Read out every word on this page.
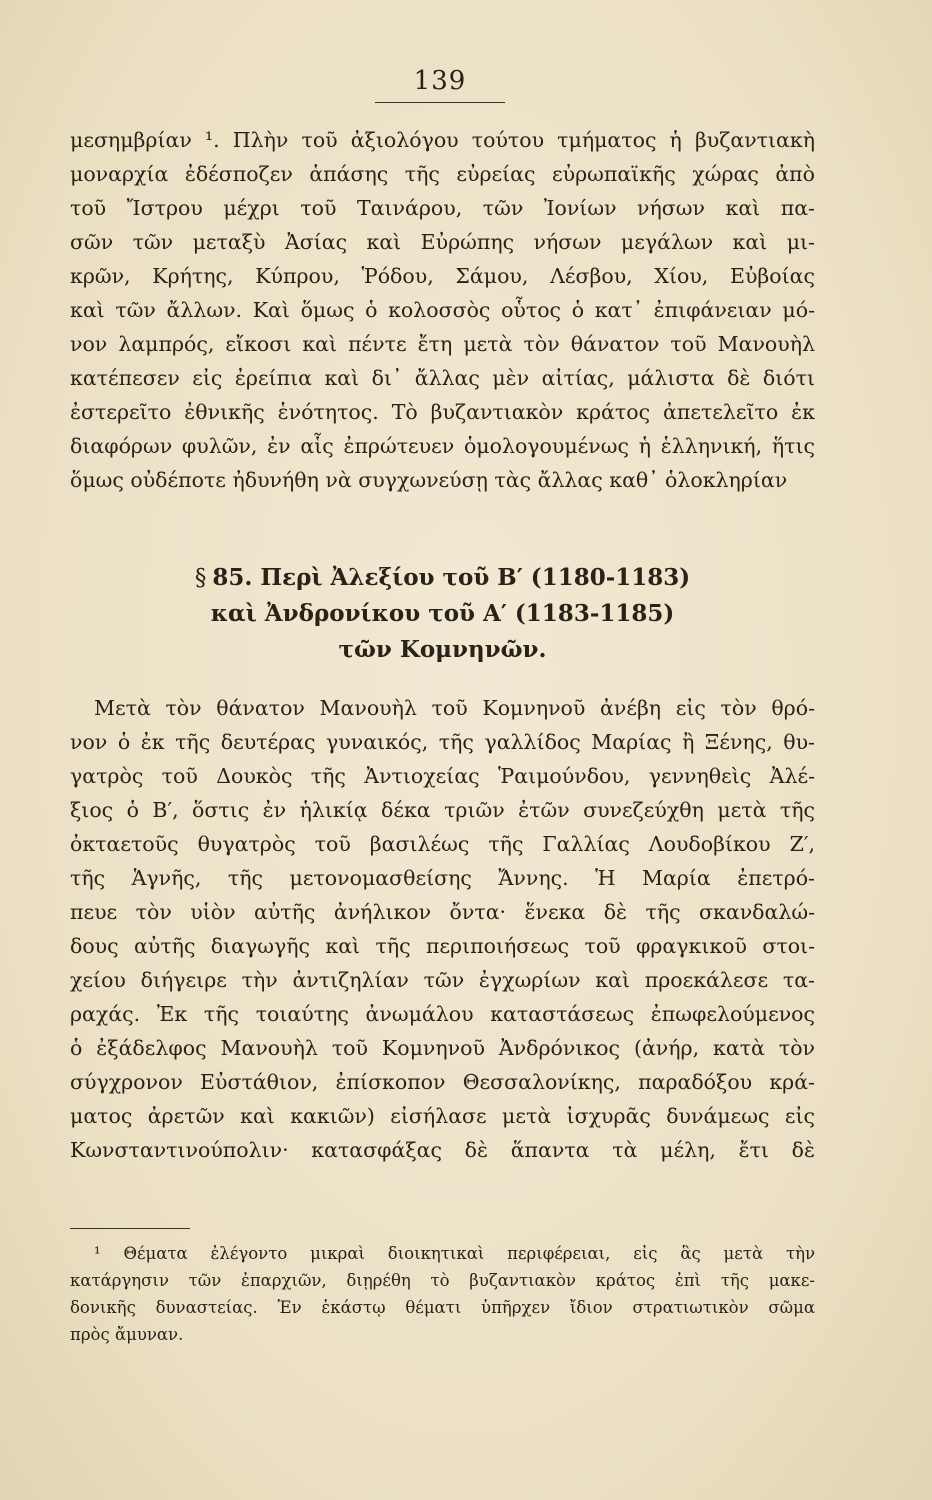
139
μεσημβρίαν ¹. Πλὴν τοῦ ἀξιολόγου τούτου τμήματος ἡ βυζαντιακὴ
μοναρχία ἐδέσποζεν ἁπάσης τῆς εὐρείας εὐρωπαϊκῆς χώρας ἀπὸ
τοῦ Ἴστρου μέχρι τοῦ Ταινάρου, τῶν Ἰονίων νήσων καὶ πα-
σῶν τῶν μεταξὺ Ἀσίας καὶ Εὐρώπης νήσων μεγάλων καὶ μι-
κρῶν, Κρήτης, Κύπρου, Ῥόδου, Σάμου, Λέσβου, Χίου, Εὐβοίας
καὶ τῶν ἄλλων. Καὶ ὅμως ὁ κολοσσὸς οὗτος ὁ κατ᾽ ἐπιφάνειαν μό-
νον λαμπρός, εἴκοσι καὶ πέντε ἔτη μετὰ τὸν θάνατον τοῦ Μανουὴλ
κατέπεσεν εἰς ἐρείπια καὶ δι᾽ ἄλλας μὲν αἰτίας, μάλιστα δὲ διότι
ἐστερεῖτο ἐθνικῆς ἑνότητος. Τὸ βυζαντιακὸν κράτος ἀπετελεῖτο ἐκ
διαφόρων φυλῶν, ἐν αἷς ἐπρώτευεν ὁμολογουμένως ἡ ἑλληνική, ἥτις
ὅμως οὐδέποτε ἠδυνήθη νὰ συγχωνεύσῃ τὰς ἄλλας καθ᾽ ὁλοκληρίαν
§ 85. Περὶ Ἀλεξίου τοῦ Β′ (1180-1183)
καὶ Ἀνδρονίκου τοῦ Α′ (1183-1185)
τῶν Κομνηνῶν.
Μετὰ τὸν θάνατον Μανουὴλ τοῦ Κομνηνοῦ ἀνέβη εἰς τὸν θρό-
νον ὁ ἐκ τῆς δευτέρας γυναικός, τῆς γαλλίδος Μαρίας ἢ Ξένης, θυ-
γατρὸς τοῦ Δουκὸς τῆς Ἀντιοχείας Ῥαιμούνδου, γεννηθεὶς Ἀλέ-
ξιος ὁ Β′, ὅστις ἐν ἡλικίᾳ δέκα τριῶν ἐτῶν συνεζεύχθη μετὰ τῆς
ὀκταετοῦς θυγατρὸς τοῦ βασιλέως τῆς Γαλλίας Λουδοβίκου Ζ′,
τῆς Ἁγνῆς, τῆς μετονομασθείσης Ἄννης. Ἡ Μαρία ἐπετρό-
πευε τὸν υἱὸν αὐτῆς ἀνήλικον ὄντα· ἕνεκα δὲ τῆς σκανδαλώ-
δους αὐτῆς διαγωγῆς καὶ τῆς περιποιήσεως τοῦ φραγκικοῦ στοι-
χείου διήγειρε τὴν ἀντιζηλίαν τῶν ἐγχωρίων καὶ προεκάλεσε τα-
ραχάς. Ἐκ τῆς τοιαύτης ἀνωμάλου καταστάσεως ἐπωφελούμενος
ὁ ἐξάδελφος Μανουὴλ τοῦ Κομνηνοῦ Ἀνδρόνικος (ἀνήρ, κατὰ τὸν
σύγχρονον Εὐστάθιον, ἐπίσκοπον Θεσσαλονίκης, παραδόξου κρά-
ματος ἀρετῶν καὶ κακιῶν) εἰσήλασε μετὰ ἰσχυρᾶς δυνάμεως εἰς
Κωνσταντινούπολιν· κατασφάξας δὲ ἅπαντα τὰ μέλη, ἔτι δὲ
¹ Θέματα ἐλέγοντο μικραὶ διοικητικαὶ περιφέρειαι, εἰς ἃς μετὰ τὴν
κατάργησιν τῶν ἐπαρχιῶν, διῃρέθη τὸ βυζαντιακὸν κράτος ἐπὶ τῆς μακε-
δονικῆς δυναστείας. Ἐν ἑκάστῳ θέματι ὑπῆρχεν ἴδιον στρατιωτικὸν σῶμα
πρὸς ἄμυναν.
